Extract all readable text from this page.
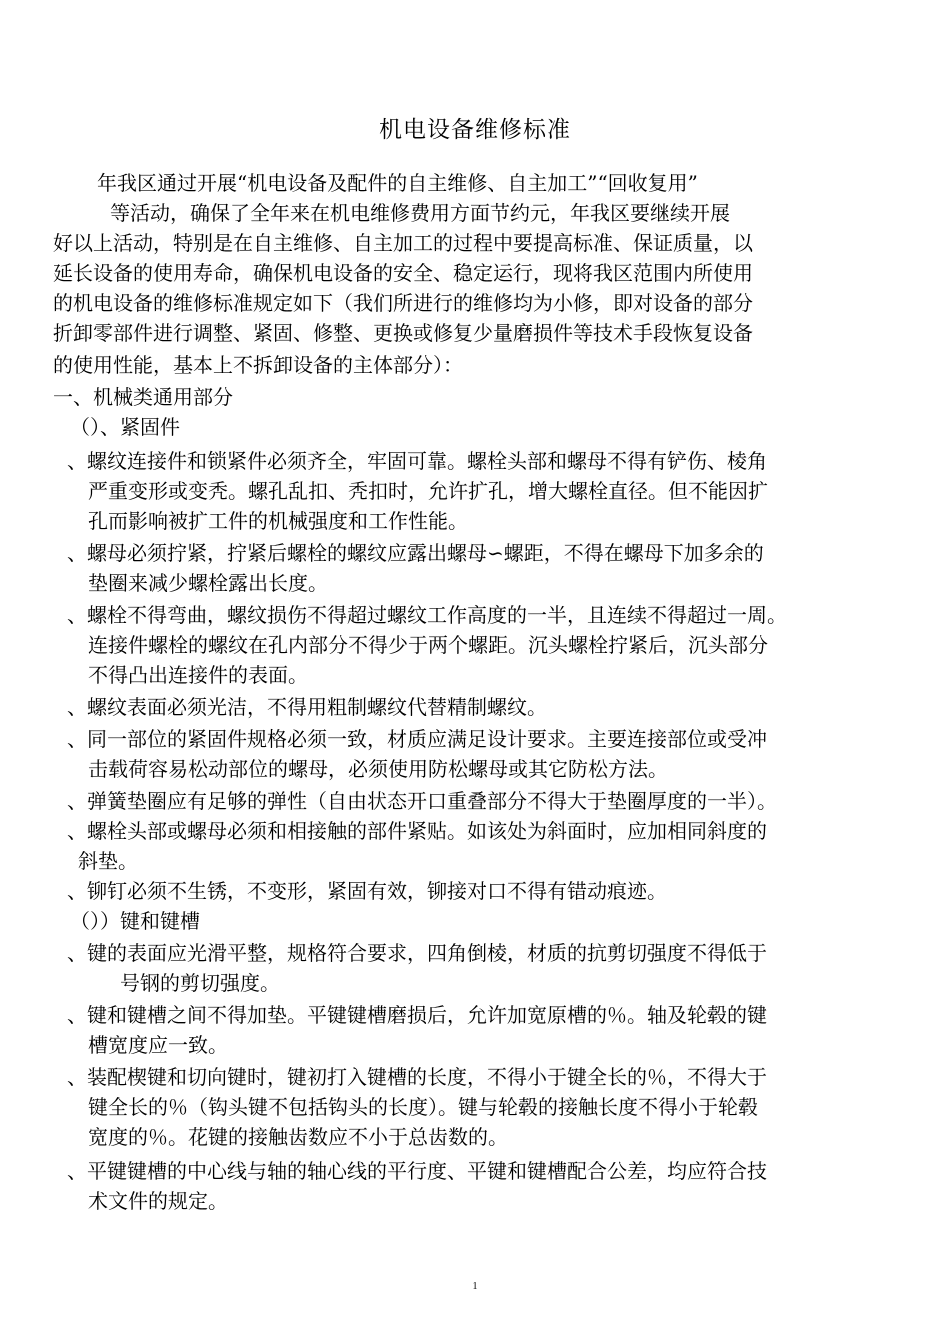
机电设备维修标准
年我区通过开展“机电设备及配件的自主维修、自主加工”“回收复用”
等活动，确保了全年来在机电维修费用方面节约元，年我区要继续开展
好以上活动，特别是在自主维修、自主加工的过程中要提高标准、保证质量，以
延长设备的使用寿命，确保机电设备的安全、稳定运行，现将我区范围内所使用
的机电设备的维修标准规定如下（我们所进行的维修均为小修，即对设备的部分
折卸零部件进行调整、紧固、修整、更换或修复少量磨损件等技术手段恢复设备
的使用性能，基本上不拆卸设备的主体部分）：
一、机械类通用部分
（）、紧固件
、螺纹连接件和锁紧件必须齐全，牢固可靠。螺栓头部和螺母不得有铲伤、棱角
严重变形或变秃。螺孔乱扣、秃扣时，允许扩孔，增大螺栓直径。但不能因扩
孔而影响被扩工件的机械强度和工作性能。
、螺母必须拧紧，拧紧后螺栓的螺纹应露出螺母∽螺距，不得在螺母下加多余的
垫圈来减少螺栓露出长度。
、螺栓不得弯曲，螺纹损伤不得超过螺纹工作高度的一半，且连续不得超过一周。
连接件螺栓的螺纹在孔内部分不得少于两个螺距。沉头螺栓拧紧后，沉头部分
不得凸出连接件的表面。
、螺纹表面必须光洁，不得用粗制螺纹代替精制螺纹。
、同一部位的紧固件规格必须一致，材质应满足设计要求。主要连接部位或受冲
击载荷容易松动部位的螺母，必须使用防松螺母或其它防松方法。
、弹簧垫圈应有足够的弹性（自由状态开口重叠部分不得大于垫圈厚度的一半）。
、螺栓头部或螺母必须和相接触的部件紧贴。如该处为斜面时，应加相同斜度的
斜垫。
、铆钉必须不生锈，不变形，紧固有效，铆接对口不得有错动痕迹。
（））键和键槽
、键的表面应光滑平整，规格符合要求，四角倒棱，材质的抗剪切强度不得低于
号钢的剪切强度。
、键和键槽之间不得加垫。平键键槽磨损后，允许加宽原槽的％。轴及轮毂的键
槽宽度应一致。
、装配楔键和切向键时，键初打入键槽的长度，不得小于键全长的％，不得大于
键全长的％（钩头键不包括钩头的长度）。键与轮毂的接触长度不得小于轮毂
宽度的％。花键的接触齿数应不小于总齿数的。
、平键键槽的中心线与轴的轴心线的平行度、平键和键槽配合公差，均应符合技
术文件的规定。
1
